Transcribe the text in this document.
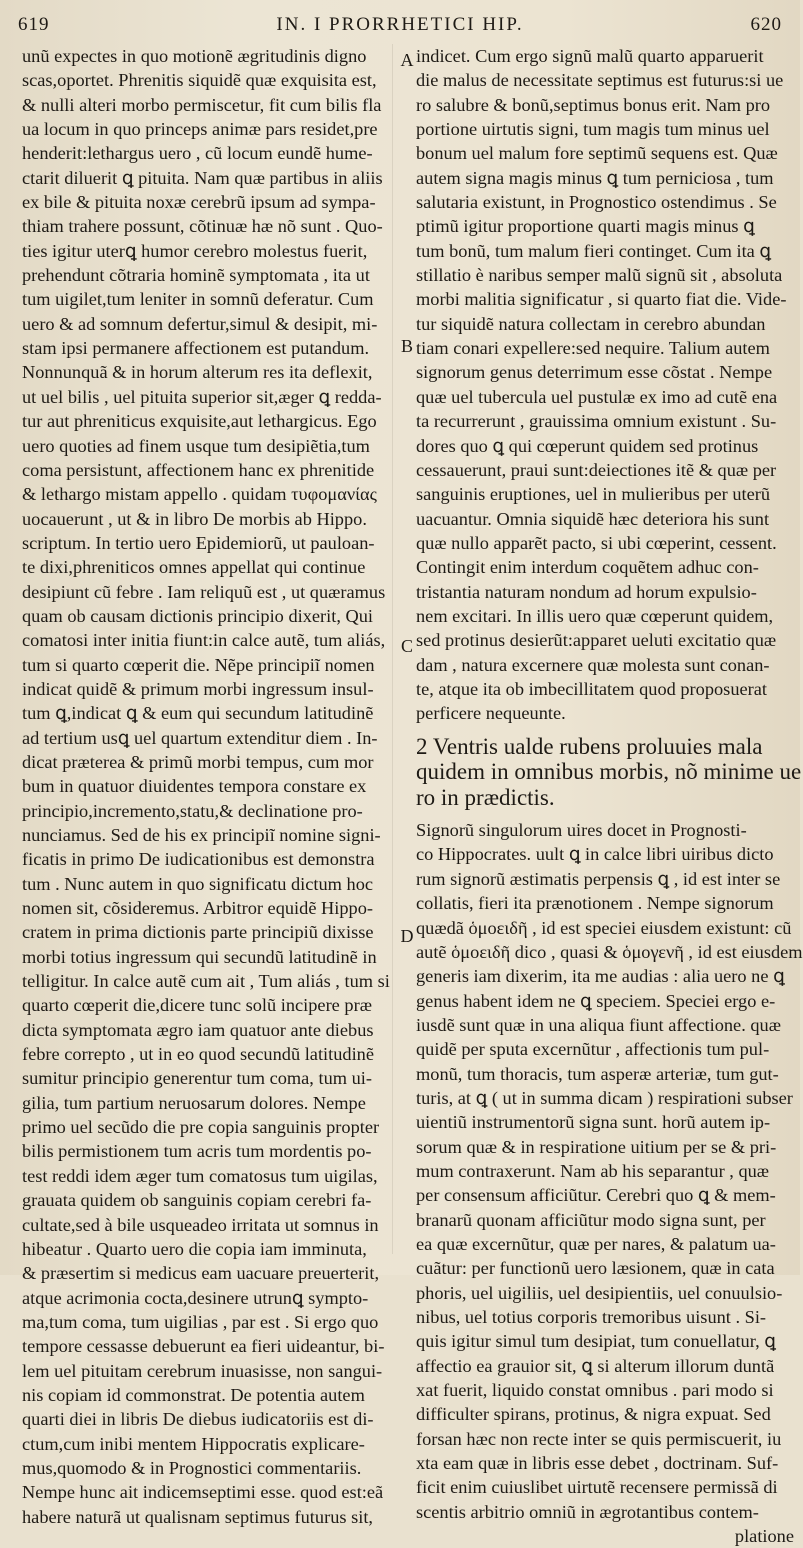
619	IN. I PRORRHETICI HIP.	620
A
B
C
D
unũ expectes in quo motionẽ ægritudinis digno
scas,oportet. Phrenitis siquidẽ quæ exquisita est,
& nulli alteri morbo permiscetur, fit cum bilis fla
ua locum in quo princeps animæ pars residet,pre
henderit:lethargus uero , cũ locum eundẽ hume-
ctarit diluerit ꝗ pituita. Nam quæ partibus in aliis
ex bile & pituita noxæ cerebrũ ipsum ad sympa-
thiam trahere possunt, cõtinuæ hæ nõ sunt . Quo-
ties igitur uterꝗ humor cerebro molestus fuerit,
prehendunt cõtraria hominẽ symptomata , ita ut
tum uigilet,tum leniter in somnũ deferatur. Cum
uero & ad somnum defertur,simul & desipit, mi-
stam ipsi permanere affectionem est putandum.
Nonnunquã & in horum alterum res ita deflexit,
ut uel bilis , uel pituita superior sit,æger ꝗ redda-
tur aut phreniticus exquisite,aut lethargicus. Ego
uero quoties ad finem usque tum desipiẽtia,tum
coma persistunt, affectionem hanc ex phrenitide
& lethargo mistam appello . quidam τυφομανίας
uocauerunt , ut & in libro De morbis ab Hippo.
scriptum. In tertio uero Epidemiorũ, ut pauloan-
te dixi,phreniticos omnes appellat qui continue
desipiunt cũ febre . Iam reliquũ est , ut quæramus
quam ob causam dictionis principio dixerit, Qui
comatosi inter initia fiunt:in calce autẽ, tum aliás,
tum si quarto cœperit die. Nẽpe principiĩ nomen
indicat quidẽ & primum morbi ingressum insul-
tum ꝗ,indicat ꝗ & eum qui secundum latitudinẽ
ad tertium usꝗ uel quartum extenditur diem . In-
dicat præterea & primũ morbi tempus, cum mor
bum in quatuor diuidentes tempora constare ex
principio,incremento,statu,& declinatione pro-
nunciamus. Sed de his ex principiĩ nomine signi-
ficatis in primo De iudicationibus est demonstra
tum . Nunc autem in quo significatu dictum hoc
nomen sit, cõsideremus. Arbitror equidẽ Hippo-
cratem in prima dictionis parte principiũ dixisse
morbi totius ingressum qui secundũ latitudinẽ in
telligitur. In calce autẽ cum ait , Tum aliás , tum si
quarto cœperit die,dicere tunc solũ incipere præ
dicta symptomata ægro iam quatuor ante diebus
febre correpto , ut in eo quod secundũ latitudinẽ
sumitur principio generentur tum coma, tum ui-
gilia, tum partium neruosarum dolores. Nempe
primo uel secũdo die pre copia sanguinis propter
bilis permistionem tum acris tum mordentis po-
test reddi idem æger tum comatosus tum uigilas,
grauata quidem ob sanguinis copiam cerebri fa-
cultate,sed à bile usqueadeo irritata ut somnus in
hibeatur . Quarto uero die copia iam imminuta,
& præsertim si medicus eam uacuare preuerterit,
atque acrimonia cocta,desinere utrunꝗ sympto-
ma,tum coma, tum uigilias , par est . Si ergo quo
tempore cessasse debuerunt ea fieri uideantur, bi-
lem uel pituitam cerebrum inuasisse, non sangui-
nis copiam id commonstrat. De potentia autem
quarti diei in libris De diebus iudicatoriis est di-
ctum,cum inibi mentem Hippocratis explicare-
mus,quomodo & in Prognostici commentariis.
Nempe hunc ait indicemseptimi esse. quod est:eã
habere naturã ut qualisnam septimus futurus sit,
indicet. Cum ergo signũ malũ quarto apparuerit
die malus de necessitate septimus est futurus:si ue
ro salubre & bonũ,septimus bonus erit. Nam pro
portione uirtutis signi, tum magis tum minus uel
bonum uel malum fore septimũ sequens est. Quæ
autem signa magis minus ꝗ tum perniciosa , tum
salutaria existunt, in Prognostico ostendimus . Se
ptimũ igitur proportione quarti magis minus ꝗ
tum bonũ, tum malum fieri continget. Cum ita ꝗ
stillatio è naribus semper malũ signũ sit , absoluta
morbi malitia significatur , si quarto fiat die. Vide-
tur siquidẽ natura collectam in cerebro abundan
tiam conari expellere:sed nequire. Talium autem
signorum genus deterrimum esse cõstat . Nempe
quæ uel tubercula uel pustulæ ex imo ad cutẽ ena
ta recurrerunt , grauissima omnium existunt . Su-
dores quo ꝗ qui cœperunt quidem sed protinus
cessauerunt, praui sunt:deiectiones itẽ & quæ per
sanguinis eruptiones, uel in mulieribus per uterũ
uacuantur. Omnia siquidẽ hæc deteriora his sunt
quæ nullo apparẽt pacto, si ubi cœperint, cessent.
Contingit enim interdum coquẽtem adhuc con-
tristantia naturam nondum ad horum expulsio-
nem excitari. In illis uero quæ cœperunt quidem,
sed protinus desierũt:apparet ueluti excitatio quæ
dam , natura excernere quæ molesta sunt conan-
te, atque ita ob imbecillitatem quod proposuerat
perficere nequeunte.
2 Ventris ualde rubens proluuies mala
quidem in omnibus morbis, nõ minime ue
ro in prædictis.
Signorũ singulorum uires docet in Prognosti-
co Hippocrates. uult ꝗ in calce libri uiribus dicto
rum signorũ æstimatis perpensis ꝗ , id est inter se
collatis, fieri ita prænotionem . Nempe signorum
quædã ὁμοειδῆ , id est speciei eiusdem existunt: cũ
autẽ ὁμοειδῆ dico , quasi & ὁμογενῆ , id est eiusdem
generis iam dixerim, ita me audias : alia uero ne ꝗ
genus habent idem ne ꝗ speciem. Speciei ergo e-
iusdẽ sunt quæ in una aliqua fiunt affectione. quæ
quidẽ per sputa excernũtur , affectionis tum pul-
monũ, tum thoracis, tum asperæ arteriæ, tum gut-
turis, at ꝗ ( ut in summa dicam ) respirationi subser
uientiũ instrumentorũ signa sunt. horũ autem ip-
sorum quæ & in respiratione uitium per se & pri-
mum contraxerunt. Nam ab his separantur , quæ
per consensum afficiũtur. Cerebri quo ꝗ & mem-
branarũ quonam afficiũtur modo signa sunt, per
ea quæ excernũtur, quæ per nares, & palatum ua-
cuãtur: per functionũ uero læsionem, quæ in cata
phoris, uel uigiliis, uel desipientiis, uel conuulsio-
nibus, uel totius corporis tremoribus uisunt . Si-
quis igitur simul tum desipiat, tum conuellatur, ꝗ
affectio ea grauior sit, ꝗ si alterum illorum duntã
xat fuerit, liquido constat omnibus . pari modo si
difficulter spirans, protinus, & nigra expuat. Sed
forsan hæc non recte inter se quis permiscuerit, iu
xta eam quæ in libris esse debet , doctrinam. Suf-
ficit enim cuiuslibet uirtutẽ recensere permissã di
scentis arbitrio omniũ in ægrotantibus contem-
platione
